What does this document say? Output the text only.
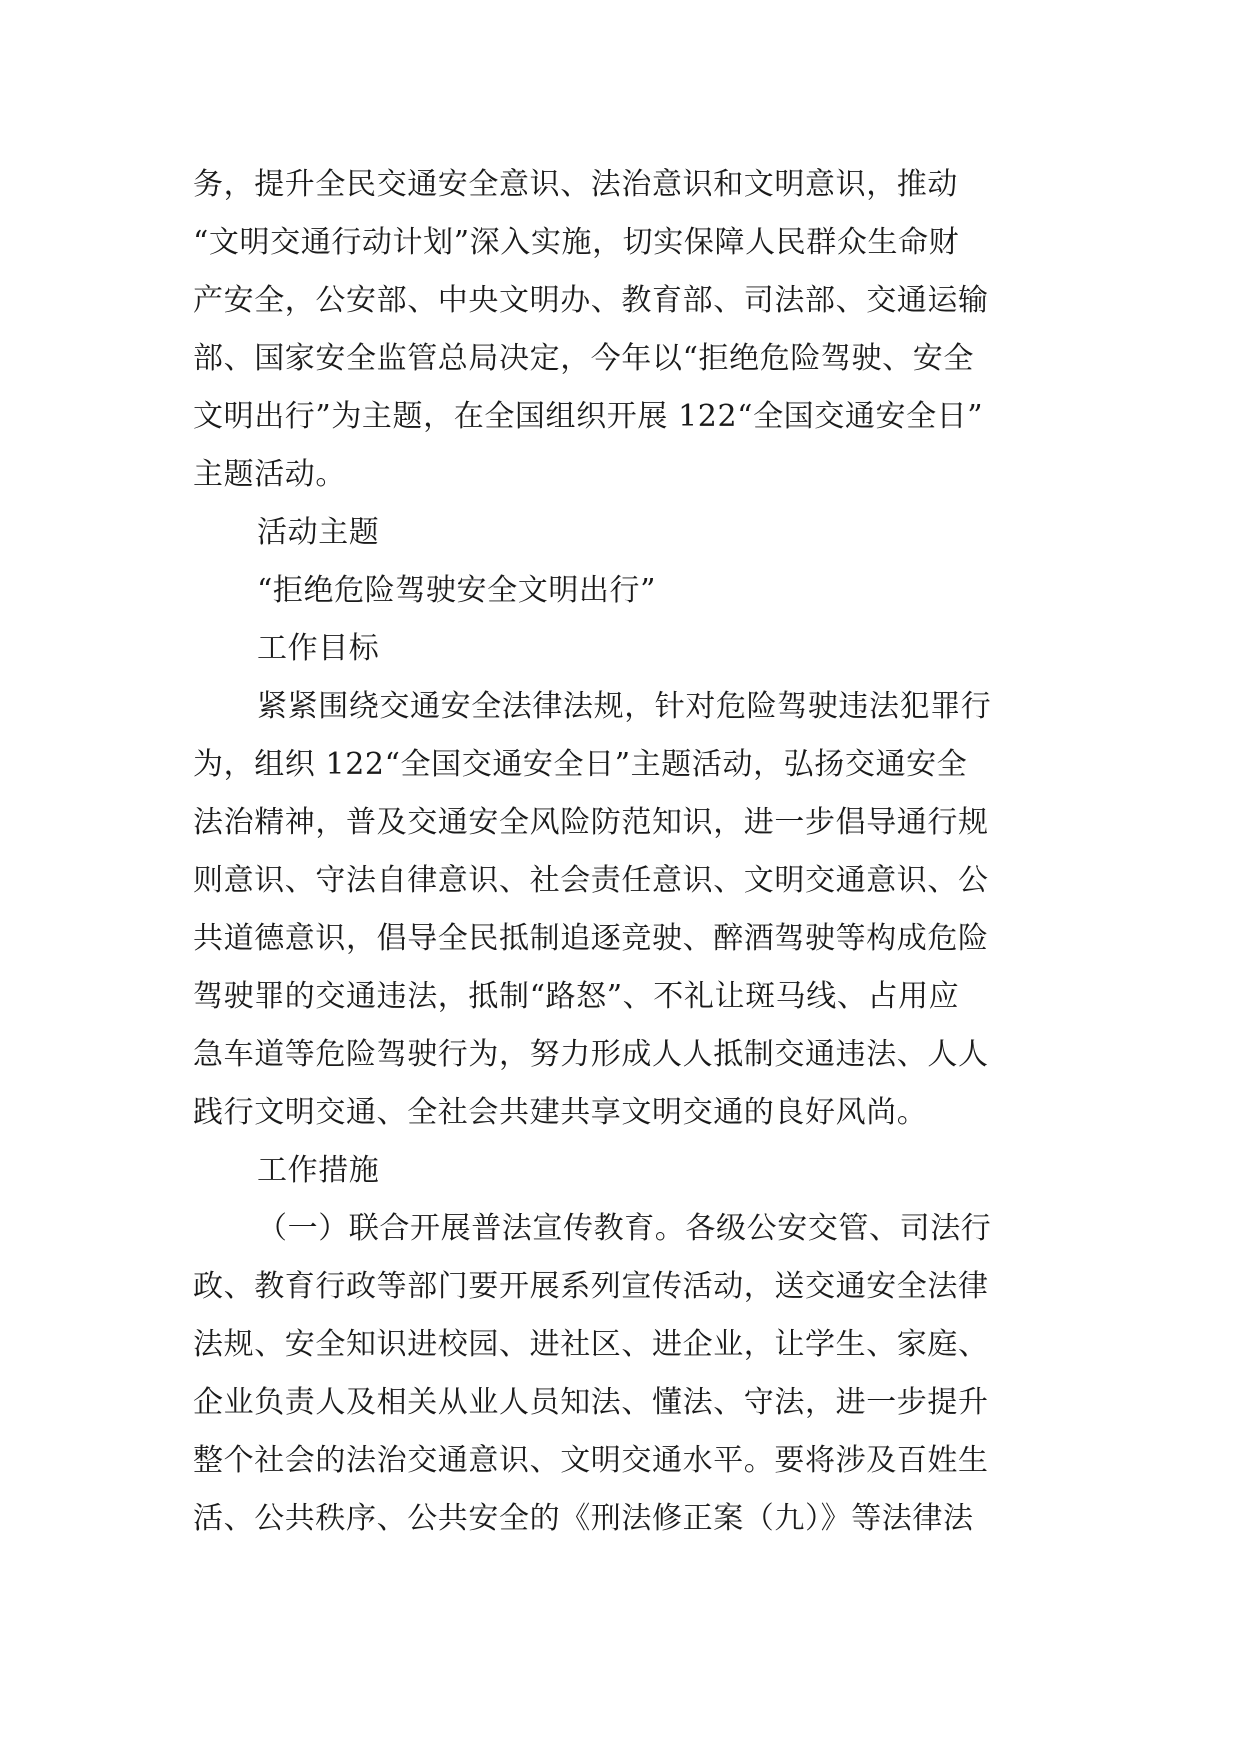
务，提升全民交通安全意识、法治意识和文明意识，推动
“文明交通行动计划”深入实施，切实保障人民群众生命财
产安全，公安部、中央文明办、教育部、司法部、交通运输
部、国家安全监管总局决定，今年以“拒绝危险驾驶、安全
文明出行”为主题，在全国组织开展 122“全国交通安全日”
主题活动。
活动主题
“拒绝危险驾驶安全文明出行”
工作目标
紧紧围绕交通安全法律法规，针对危险驾驶违法犯罪行
为，组织 122“全国交通安全日”主题活动，弘扬交通安全
法治精神，普及交通安全风险防范知识，进一步倡导通行规
则意识、守法自律意识、社会责任意识、文明交通意识、公
共道德意识，倡导全民抵制追逐竞驶、醉酒驾驶等构成危险
驾驶罪的交通违法，抵制“路怒”、不礼让斑马线、占用应
急车道等危险驾驶行为，努力形成人人抵制交通违法、人人
践行文明交通、全社会共建共享文明交通的良好风尚。
工作措施
（一）联合开展普法宣传教育。各级公安交管、司法行
政、教育行政等部门要开展系列宣传活动，送交通安全法律
法规、安全知识进校园、进社区、进企业，让学生、家庭、
企业负责人及相关从业人员知法、懂法、守法，进一步提升
整个社会的法治交通意识、文明交通水平。要将涉及百姓生
活、公共秩序、公共安全的《刑法修正案（九）》等法律法
